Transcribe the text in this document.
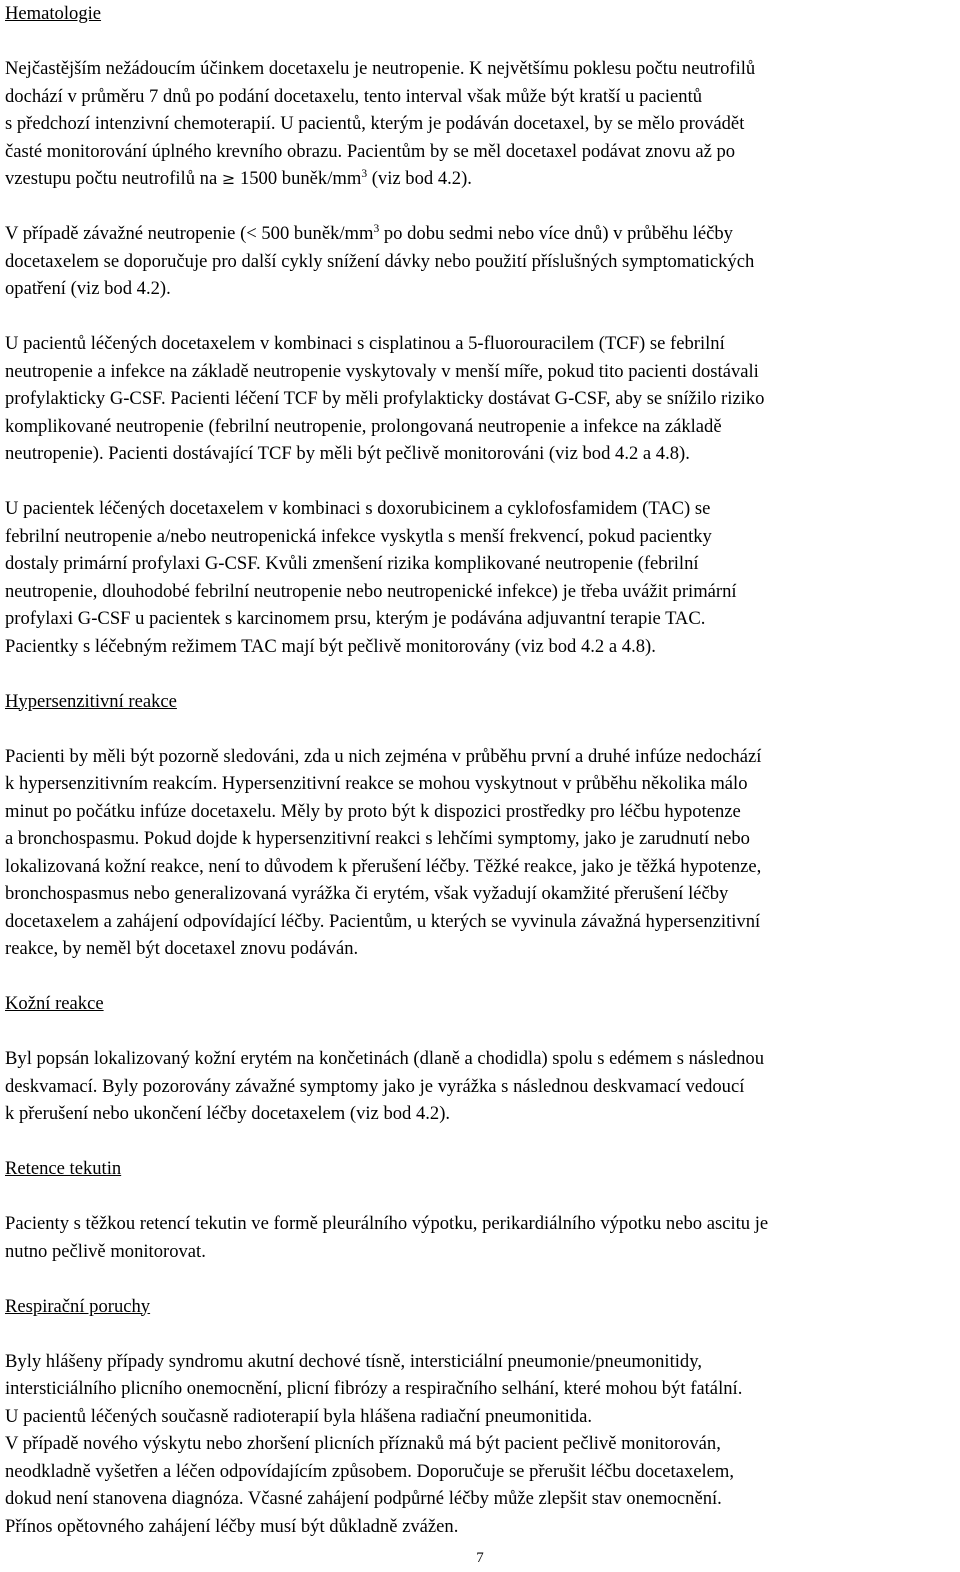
Hematologie

Nejčastějším nežádoucím účinkem docetaxelu je neutropenie. K největšímu poklesu počtu neutrofilů

dochází v průměru 7 dnů po podání docetaxelu, tento interval však může být kratší u pacientů

s předchozí intenzivní chemoterapií. U pacientů, kterým je podáván docetaxel, by se mělo provádět

časté monitorování úplného krevního obrazu. Pacientům by se měl docetaxel podávat znovu až po

vzestupu počtu neutrofilů na ≥ 1500 buněk/$mm^3$ (viz bod 4.2).

V případě závažné neutropenie (< 500 buněk/$mm^3$ po dobu sedmi nebo více dnů) v průběhu léčby

docetaxelem se doporučuje pro další cykly snížení dávky nebo použití příslušných symptomatických

opatření (viz bod 4.2).

U pacientů léčených docetaxelem v kombinaci s cisplatinou a 5-fluorouracilem (TCF) se febrilní

neutropenie a infekce na základě neutropenie vyskytovaly v menší míře, pokud tito pacienti dostávali

profylakticky G-CSF. Pacienti léčení TCF by měli profylakticky dostávat G-CSF, aby se snížilo riziko

komplikované neutropenie (febrilní neutropenie, prolongovaná neutropenie a infekce na základě

neutropenie). Pacienti dostávající TCF by měli být pečlivě monitorováni (viz bod 4.2 a 4.8).

U pacientek léčených docetaxelem v kombinaci s doxorubicinem a cyklofosfamidem (TAC) se

febrilní neutropenie a/nebo neutropenická infekce vyskytla s menší frekvencí, pokud pacientky

dostaly primární profylaxi G-CSF. Kvůli zmenšení rizika komplikované neutropenie (febrilní

neutropenie, dlouhodobé febrilní neutropenie nebo neutropenické infekce) je třeba uvážit primární

profylaxi G-CSF u pacientek s karcinomem prsu, kterým je podávána adjuvantní terapie TAC.

Pacientky s léčebným režimem TAC mají být pečlivě monitorovány (viz bod 4.2 a 4.8).

Hypersenzitivní reakce

Pacienti by měli být pozorně sledováni, zda u nich zejména v průběhu první a druhé infúze nedochází

k hypersenzitivním reakcím. Hypersenzitivní reakce se mohou vyskytnout v průběhu několika málo

minut po počátku infúze docetaxelu. Měly by proto být k dispozici prostředky pro léčbu hypotenze

a bronchospasmu. Pokud dojde k hypersenzitivní reakci s lehčími symptomy, jako je zarudnutí nebo

lokalizovaná kožní reakce, není to důvodem k přerušení léčby. Těžké reakce, jako je těžká hypotenze,

bronchospasmus nebo generalizovaná vyrážka či erytém, však vyžadují okamžité přerušení léčby

docetaxelem a zahájení odpovídající léčby. Pacientům, u kterých se vyvinula závažná hypersenzitivní

reakce, by neměl být docetaxel znovu podáván.

Kožní reakce

Byl popsán lokalizovaný kožní erytém na končetinách (dlaně a chodidla) spolu s edémem s následnou

deskvamací. Byly pozorovány závažné symptomy jako je vyrážka s následnou deskvamací vedoucí

k přerušení nebo ukončení léčby docetaxelem (viz bod 4.2).

Retence tekutin

Pacienty s těžkou retencí tekutin ve formě pleurálního výpotku, perikardiálního výpotku nebo ascitu je

nutno pečlivě monitorovat.

Respirační poruchy

Byly hlášeny případy syndromu akutní dechové tísně, intersticiální pneumonie/pneumonitidy,

intersticiálního plicního onemocnění, plicní fibrózy a respiračního selhání, které mohou být fatální.

U pacientů léčených současně radioterapií byla hlášena radiační pneumonitida.

V případě nového výskytu nebo zhoršení plicních příznaků má být pacient pečlivě monitorován,

neodkladně vyšetřen a léčen odpovídajícím způsobem. Doporučuje se přerušit léčbu docetaxelem,

dokud není stanovena diagnóza. Včasné zahájení podpůrné léčby může zlepšit stav onemocnění.

Přínos opětovného zahájení léčby musí být důkladně zvážen.

7
